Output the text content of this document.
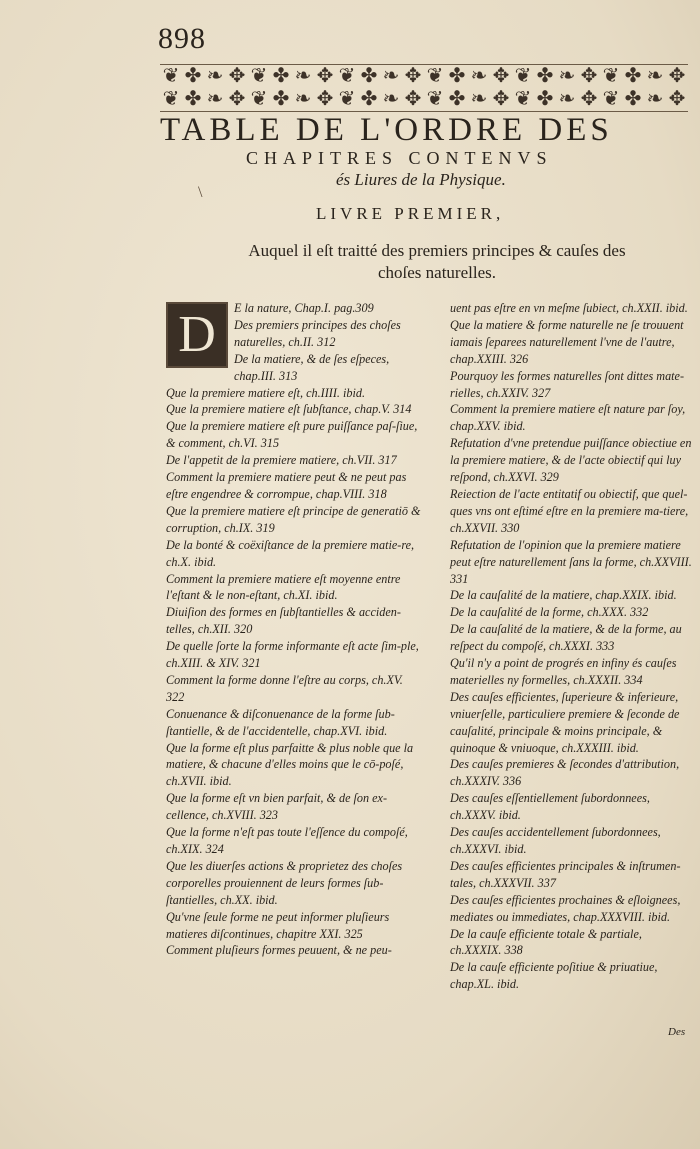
898
❦ ✤ ❧ ✥ ❦ ✤ ❧ ✥ ❦ ✤ ❧ ✥ ❦ ✤ ❧ ✥ ❦ ✤ ❧ ✥ ❦ ✤ ❧ ✥
❦ ✤ ❧ ✥ ❦ ✤ ❧ ✥ ❦ ✤ ❧ ✥ ❦ ✤ ❧ ✥ ❦ ✤ ❧ ✥ ❦ ✤ ❧ ✥
TABLE DE L'ORDRE DES
CHAPITRES CONTENVS
és Liures de la Physique.
\
LIVRE PREMIER,
Auquel il eſt traitté des premiers principes & cauſes des choſes naturelles.
D	E la nature, Chap.I. pag.309

Des premiers principes des choſes naturelles, ch.II. 312

De la matiere, & de ſes eſpeces, chap.III. 313

Que la premiere matiere eſt, ch.IIII. ibid.

Que la premiere matiere eſt ſubſtance, chap.V. 314

Que la premiere matiere eſt pure puiſſance paſ-ſiue, & comment, ch.VI. 315

De l'appetit de la premiere matiere, ch.VII. 317

Comment la premiere matiere peut & ne peut pas eſtre engendree & corrompue, chap.VIII. 318

Que la premiere matiere eſt principe de generatiō & corruption, ch.IX. 319

De la bonté & coëxiſtance de la premiere matie-re, ch.X. ibid.

Comment la premiere matiere eſt moyenne entre l'eſtant & le non-eſtant, ch.XI. ibid.

Diuiſion des formes en ſubſtantielles & acciden-telles, ch.XII. 320

De quelle ſorte la forme informante eſt acte ſim-ple, ch.XIII. & XIV. 321

Comment la forme donne l'eſtre au corps, ch.XV. 322

Conuenance & diſconuenance de la forme ſub-ſtantielle, & de l'accidentelle, chap.XVI. ibid.

Que la forme eſt plus parfaitte & plus noble que la matiere, & chacune d'elles moins que le cō-poſé, ch.XVII. ibid.

Que la forme eſt vn bien parfait, & de ſon ex-cellence, ch.XVIII. 323

Que la forme n'eſt pas toute l'eſſence du compoſé, ch.XIX. 324

Que les diuerſes actions & proprietez des choſes corporelles prouiennent de leurs formes ſub-ſtantielles, ch.XX. ibid.

Qu'vne ſeule forme ne peut informer pluſieurs matieres diſcontinues, chapitre XXI. 325

Comment pluſieurs formes peuuent, & ne peu-

uent pas eſtre en vn meſme ſubiect, ch.XXII. ibid.

Que la matiere & forme naturelle ne ſe trouuent iamais ſeparees naturellement l'vne de l'autre, chap.XXIII. 326

Pourquoy les formes naturelles ſont dittes mate-rielles, ch.XXIV. 327

Comment la premiere matiere eſt nature par ſoy, chap.XXV. ibid.

Refutation d'vne pretendue puiſſance obiectiue en la premiere matiere, & de l'acte obiectif qui luy reſpond, ch.XXVI. 329

Reiection de l'acte entitatif ou obiectif, que quel-ques vns ont eſtimé eſtre en la premiere ma-tiere, ch.XXVII. 330

Refutation de l'opinion que la premiere matiere peut eſtre naturellement ſans la forme, ch.XXVIII. 331

De la cauſalité de la matiere, chap.XXIX. ibid.

De la cauſalité de la forme, ch.XXX. 332

De la cauſalité de la matiere, & de la forme, au reſpect du compoſé, ch.XXXI. 333

Qu'il n'y a point de progrés en infiny és cauſes materielles ny formelles, ch.XXXII. 334

Des cauſes efficientes, ſuperieure & inferieure, vniuerſelle, particuliere premiere & ſeconde de cauſalité, principale & moins principale, & quinoque & vniuoque, ch.XXXIII. ibid.

Des cauſes premieres & ſecondes d'attribution, ch.XXXIV. 336

Des cauſes eſſentiellement ſubordonnees, ch.XXXV. ibid.

Des cauſes accidentellement ſubordonnees, ch.XXXVI. ibid.

Des cauſes efficientes principales & inſtrumen-tales, ch.XXXVII. 337

Des cauſes efficientes prochaines & eſloignees, mediates ou immediates, chap.XXXVIII. ibid.

De la cauſe efficiente totale & partiale, ch.XXXIX. 338

De la cauſe efficiente poſitiue & priuatiue, chap.XL. ibid.

Des
